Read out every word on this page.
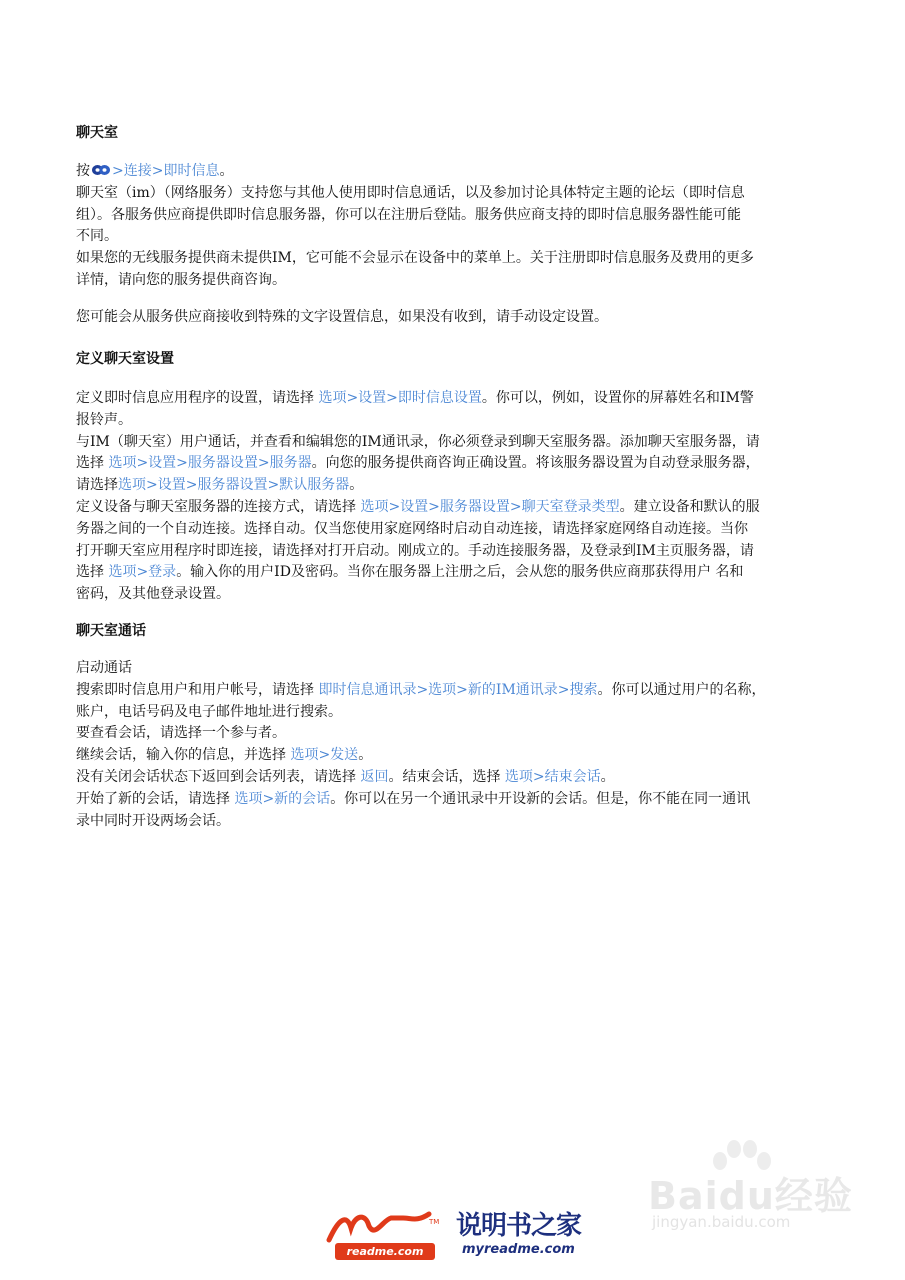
聊天室
按 >连接>即时信息。
聊天室（im）（网络服务）支持您与其他人使用即时信息通话，以及参加讨论具体特定主题的论坛（即时信息
组）。各服务供应商提供即时信息服务器，你可以在注册后登陆。服务供应商支持的即时信息服务器性能可能
不同。
如果您的无线服务提供商未提供IM，它可能不会显示在设备中的菜单上。关于注册即时信息服务及费用的更多
详情，请向您的服务提供商咨询。
您可能会从服务供应商接收到特殊的文字设置信息，如果没有收到，请手动设定设置。
定义聊天室设置
定义即时信息应用程序的设置，请选择 选项>设置>即时信息设置。你可以，例如，设置你的屏幕姓名和IM警
报铃声。
与IM（聊天室）用户通话，并查看和编辑您的IM通讯录，你必须登录到聊天室服务器。添加聊天室服务器，请
选择 选项>设置>服务器设置>服务器。向您的服务提供商咨询正确设置。将该服务器设置为自动登录服务器，
请选择选项>设置>服务器设置>默认服务器。
定义设备与聊天室服务器的连接方式，请选择 选项>设置>服务器设置>聊天室登录类型。建立设备和默认的服
务器之间的一个自动连接。选择自动。仅当您使用家庭网络时启动自动连接，请选择家庭网络自动连接。当你
打开聊天室应用程序时即连接，请选择对打开启动。刚成立的。手动连接服务器，及登录到IM主页服务器，请
选择 选项>登录。输入你的用户ID及密码。当你在服务器上注册之后，会从您的服务供应商那获得用户 名和
密码，及其他登录设置。
聊天室通话
启动通话
搜索即时信息用户和用户帐号，请选择 即时信息通讯录>选项>新的IM通讯录>搜索。你可以通过用户的名称，
账户，电话号码及电子邮件地址进行搜索。
要查看会话，请选择一个参与者。
继续会话，输入你的信息，并选择 选项>发送。
没有关闭会话状态下返回到会话列表，请选择 返回。结束会话，选择 选项>结束会话。
开始了新的会话，请选择 选项>新的会话。你可以在另一个通讯录中开设新的会话。但是，你不能在同一通讯
录中同时开设两场会话。
Baidu经验
jingyan.baidu.com
TM
readme.com
说明书之家
myreadme.com
